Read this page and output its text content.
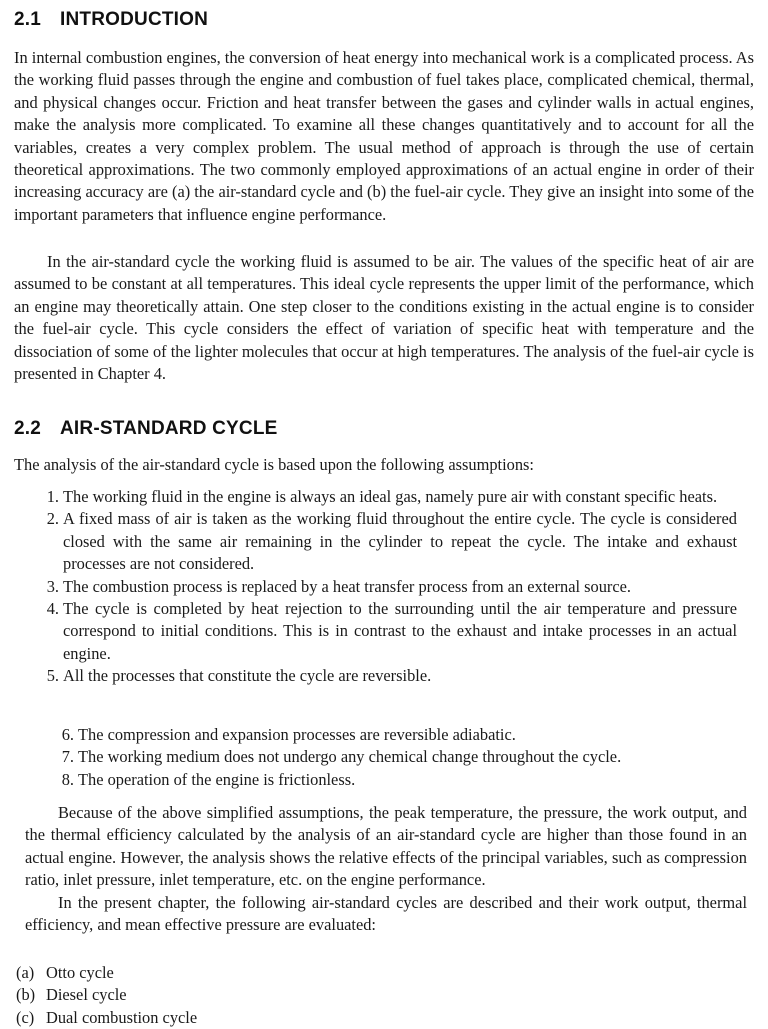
2.1 INTRODUCTION

In internal combustion engines, the conversion of heat energy into mechanical work is a complicated process. As the working fluid passes through the engine and combustion of fuel takes place, complicated chemical, thermal, and physical changes occur. Friction and heat transfer between the gases and cylinder walls in actual engines, make the analysis more complicated. To examine all these changes quantitatively and to account for all the variables, creates a very complex problem. The usual method of approach is through the use of certain theoretical approximations. The two commonly employed approximations of an actual engine in order of their increasing accuracy are (a) the air-standard cycle and (b) the fuel-air cycle. They give an insight into some of the important parameters that influence engine performance.

In the air-standard cycle the working fluid is assumed to be air. The values of the specific heat of air are assumed to be constant at all temperatures. This ideal cycle represents the upper limit of the performance, which an engine may theoretically attain. One step closer to the conditions existing in the actual engine is to consider the fuel-air cycle. This cycle considers the effect of variation of specific heat with temperature and the dissociation of some of the lighter molecules that occur at high temperatures. The analysis of the fuel-air cycle is presented in Chapter 4.

2.2 AIR-STANDARD CYCLE

The analysis of the air-standard cycle is based upon the following assumptions:

1. The working fluid in the engine is always an ideal gas, namely pure air with constant specific heats.
2. A fixed mass of air is taken as the working fluid throughout the entire cycle. The cycle is considered closed with the same air remaining in the cylinder to repeat the cycle. The intake and exhaust processes are not considered.
3. The combustion process is replaced by a heat transfer process from an external source.
4. The cycle is completed by heat rejection to the surrounding until the air temperature and pressure correspond to initial conditions. This is in contrast to the exhaust and intake processes in an actual engine.
5. All the processes that constitute the cycle are reversible.
6. The compression and expansion processes are reversible adiabatic.
7. The working medium does not undergo any chemical change throughout the cycle.
8. The operation of the engine is frictionless.

Because of the above simplified assumptions, the peak temperature, the pressure, the work output, and the thermal efficiency calculated by the analysis of an air-standard cycle are higher than those found in an actual engine. However, the analysis shows the relative effects of the principal variables, such as compression ratio, inlet pressure, inlet temperature, etc. on the engine performance.

In the present chapter, the following air-standard cycles are described and their work output, thermal efficiency, and mean effective pressure are evaluated:

(a) Otto cycle
(b) Diesel cycle
(c) Dual combustion cycle
